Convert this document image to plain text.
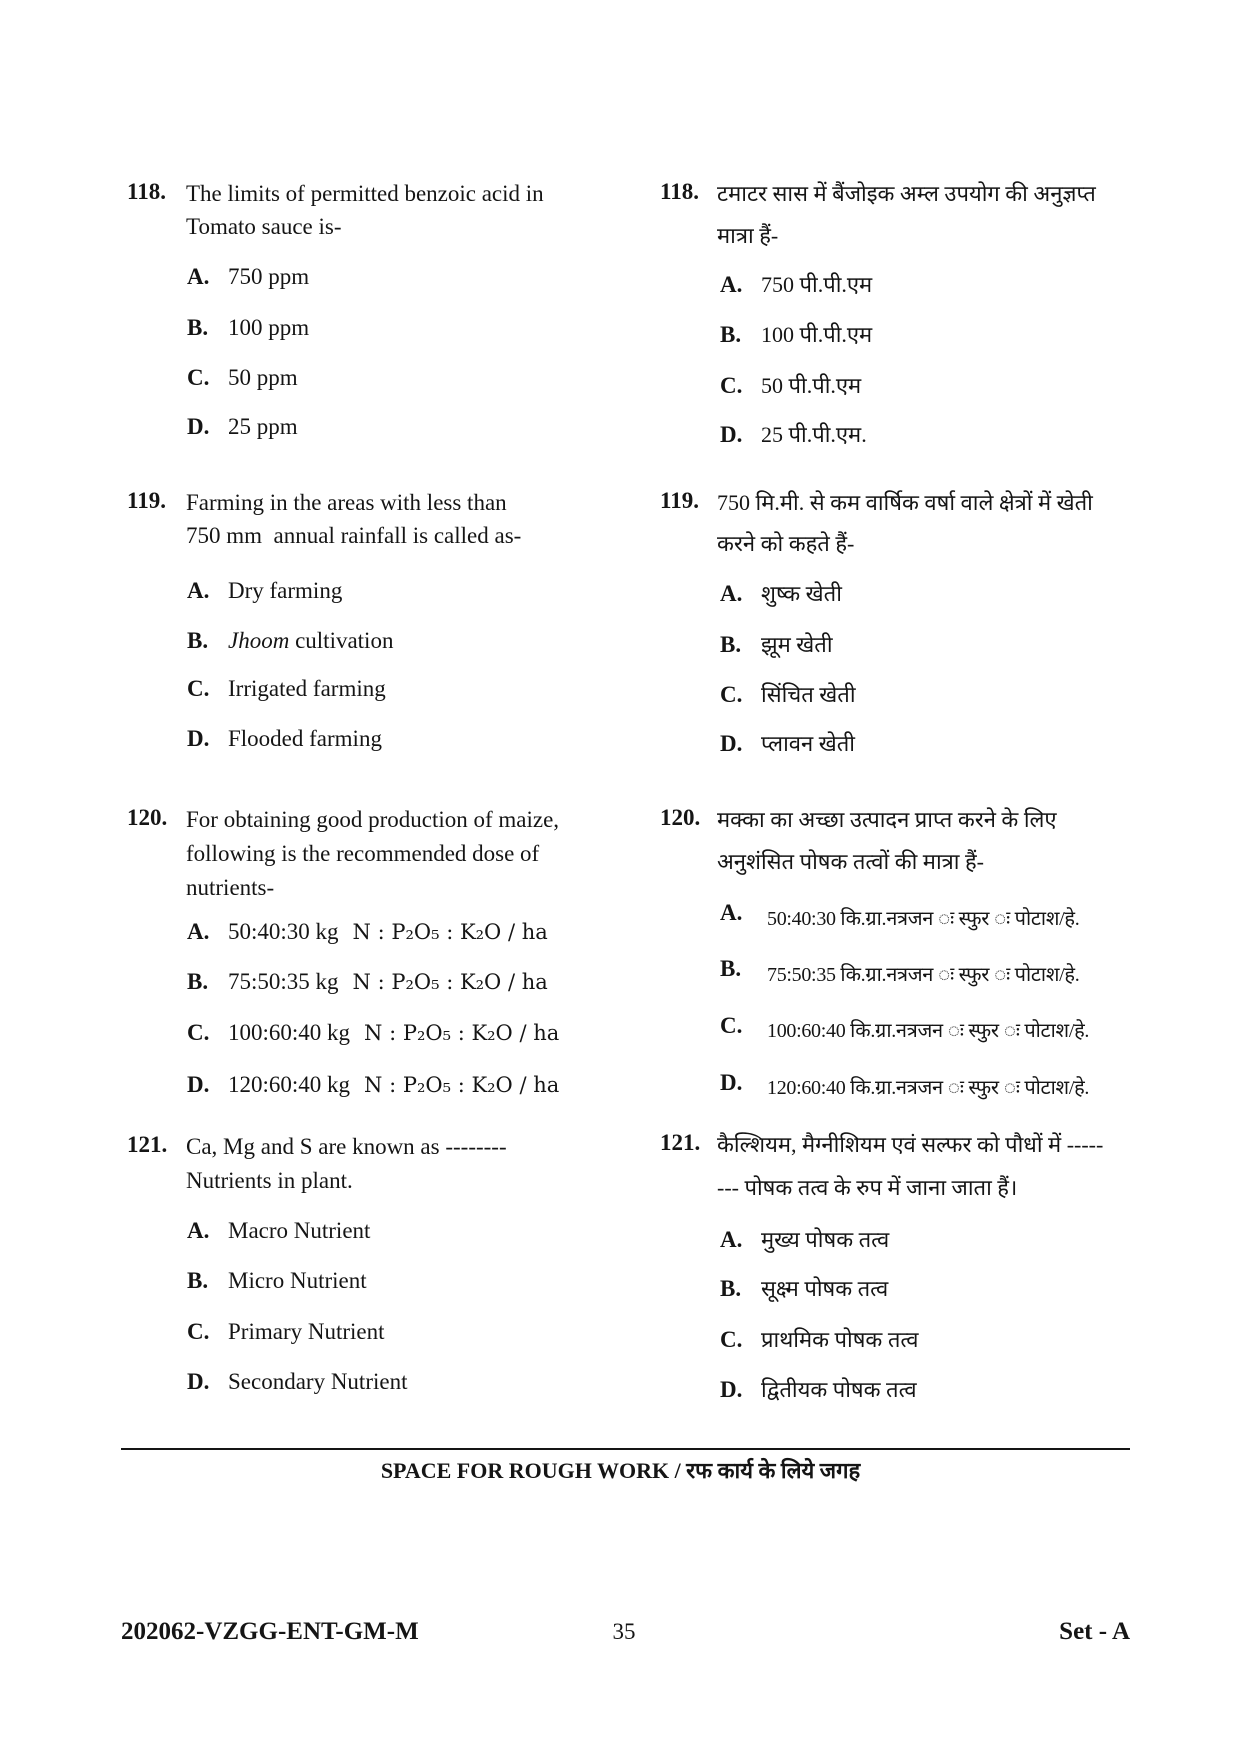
118. The limits of permitted benzoic acid in
Tomato sauce is-
A. 750 ppm
B. 100 ppm
C. 50 ppm
D. 25 ppm
119. Farming in the areas with less than
750 mm  annual rainfall is called as-
A. Dry farming
B. Jhoom cultivation
C. Irrigated farming
D. Flooded farming
120. For obtaining good production of maize,
following is the recommended dose of
nutrients-
A. 50:40:30 kg N : P₂O₅ : K₂O / ha
B. 75:50:35 kg N : P₂O₅ : K₂O / ha
C. 100:60:40 kg N : P₂O₅ : K₂O / ha
D. 120:60:40 kg N : P₂O₅ : K₂O / ha
121. Ca, Mg and S are known as --------
Nutrients in plant.
A. Macro Nutrient
B. Micro Nutrient
C. Primary Nutrient
D. Secondary Nutrient
118. टमाटर सास में बैंजोइक अम्ल उपयोग की अनुज्ञप्त
मात्रा हैं-
A. 750 पी.पी.एम
B. 100 पी.पी.एम
C. 50 पी.पी.एम
D. 25 पी.पी.एम.
119. 750 मि.मी. से कम वार्षिक वर्षा वाले क्षेत्रों में खेती
करने को कहते हैं-
A. शुष्क खेती
B. झूम खेती
C. सिंचित खेती
D. प्लावन खेती
120. मक्का का अच्छा उत्पादन प्राप्त करने के लिए
अनुशंसित पोषक तत्वों की मात्रा हैं-
A. 50:40:30 कि.ग्रा.नत्रजन ः स्फुर ः पोटाश/हे.
B. 75:50:35 कि.ग्रा.नत्रजन ः स्फुर ः पोटाश/हे.
C. 100:60:40 कि.ग्रा.नत्रजन ः स्फुर ः पोटाश/हे.
D. 120:60:40 कि.ग्रा.नत्रजन ः स्फुर ः पोटाश/हे.
121. कैल्शियम, मैग्नीशियम एवं सल्फर को पौधों में -----
--- पोषक तत्व के रुप में जाना जाता हैं।
A. मुख्य पोषक तत्व
B. सूक्ष्म पोषक तत्व
C. प्राथमिक पोषक तत्व
D. द्वितीयक पोषक तत्व
SPACE FOR ROUGH WORK / रफ कार्य के लिये जगह
202062-VZGG-ENT-GM-M	35	Set - A
